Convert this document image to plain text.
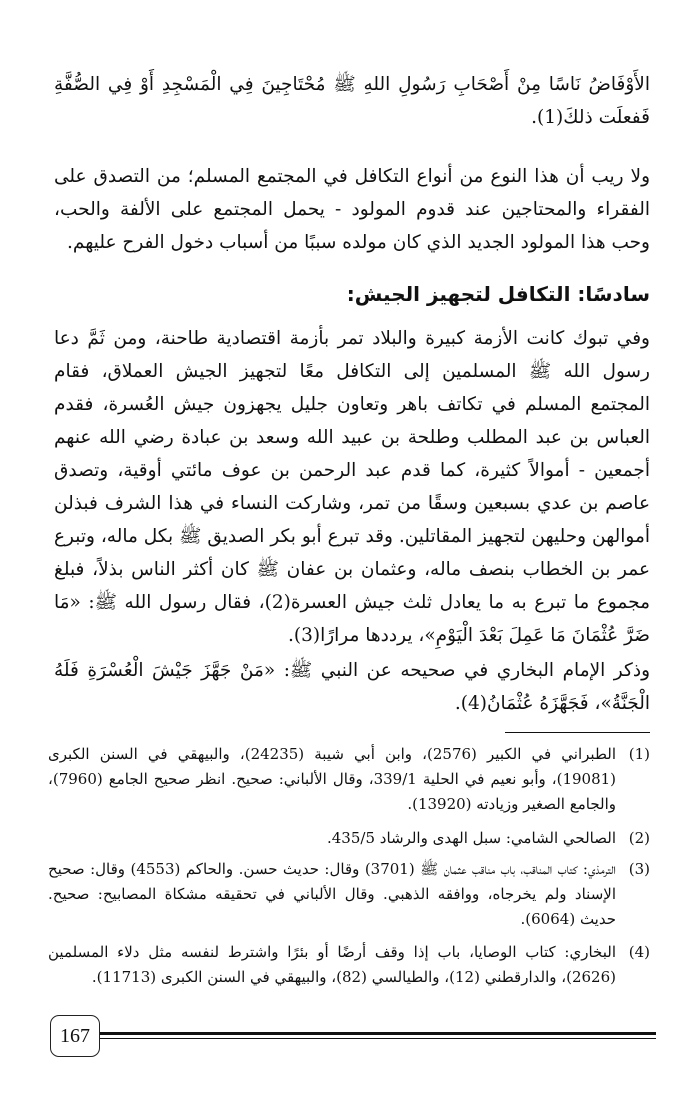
الأَوْفَاضُ نَاسًا مِنْ أَصْحَابِ رَسُولِ اللهِ ﷺ مُحْتَاجِينَ فِي الْمَسْجِدِ أَوْ فِي الصُّفَّةِ فَفعلَت ذلكَ(1).

ولا ريب أن هذا النوع من أنواع التكافل في المجتمع المسلم؛ من التصدق على الفقراء والمحتاجين عند قدوم المولود - يحمل المجتمع على الألفة والحب، وحب هذا المولود الجديد الذي كان مولده سببًا من أسباب دخول الفرح عليهم.

سادسًا: التكافل لتجهيز الجيش:

وفي تبوك كانت الأزمة كبيرة والبلاد تمر بأزمة اقتصادية طاحنة، ومن ثَمَّ دعا رسول الله ﷺ المسلمين إلى التكافل معًا لتجهيز الجيش العملاق، فقام المجتمع المسلم في تكاتف باهر وتعاون جليل يجهزون جيش العُسرة، فقدم العباس بن عبد المطلب وطلحة بن عبيد الله وسعد بن عبادة رضي الله عنهم أجمعين - أموالاً كثيرة، كما قدم عبد الرحمن بن عوف مائتي أوقية، وتصدق عاصم بن عدي بسبعين وسقًا من تمر، وشاركت النساء في هذا الشرف فبذلن أموالهن وحليهن لتجهيز المقاتلين. وقد تبرع أبو بكر الصديق ﷺ بكل ماله، وتبرع عمر بن الخطاب بنصف ماله، وعثمان بن عفان ﷺ كان أكثر الناس بذلاً، فبلغ مجموع ما تبرع به ما يعادل ثلث جيش العسرة(2)، فقال رسول الله ﷺ: «مَا ضَرَّ عُثْمَانَ مَا عَمِلَ بَعْدَ الْيَوْمِ»، يرددها مرارًا(3).

وذكر الإمام البخاري في صحيحه عن النبي ﷺ: «مَنْ جَهَّزَ جَيْشَ الْعُسْرَةِ فَلَهُ الْجَنَّةُ»، فَجَهَّزَهُ عُثْمَانُ(4).

(1)
الطبراني في الكبير (2576)، وابن أبي شيبة (24235)، والبيهقي في السنن الكبرى (19081)، وأبو نعيم في الحلية 339/1، وقال الألباني: صحيح. انظر صحيح الجامع (7960)، والجامع الصغير وزيادته (13920).
(2)
الصالحي الشامي: سبل الهدى والرشاد 435/5.
(3)
الترمذي: كتاب المناقب، باب مناقب عثمان ﷺ (3701) وقال: حديث حسن. والحاكم (4553) وقال: صحيح الإسناد ولم يخرجاه، ووافقه الذهبي. وقال الألباني في تحقيقه مشكاة المصابيح: صحيح. حديث (6064).
(4)
البخاري: كتاب الوصايا، باب إذا وقف أرضًا أو بئرًا واشترط لنفسه مثل دلاء المسلمين (2626)، والدارقطني (12)، والطيالسي (82)، والبيهقي في السنن الكبرى (11713).
167
